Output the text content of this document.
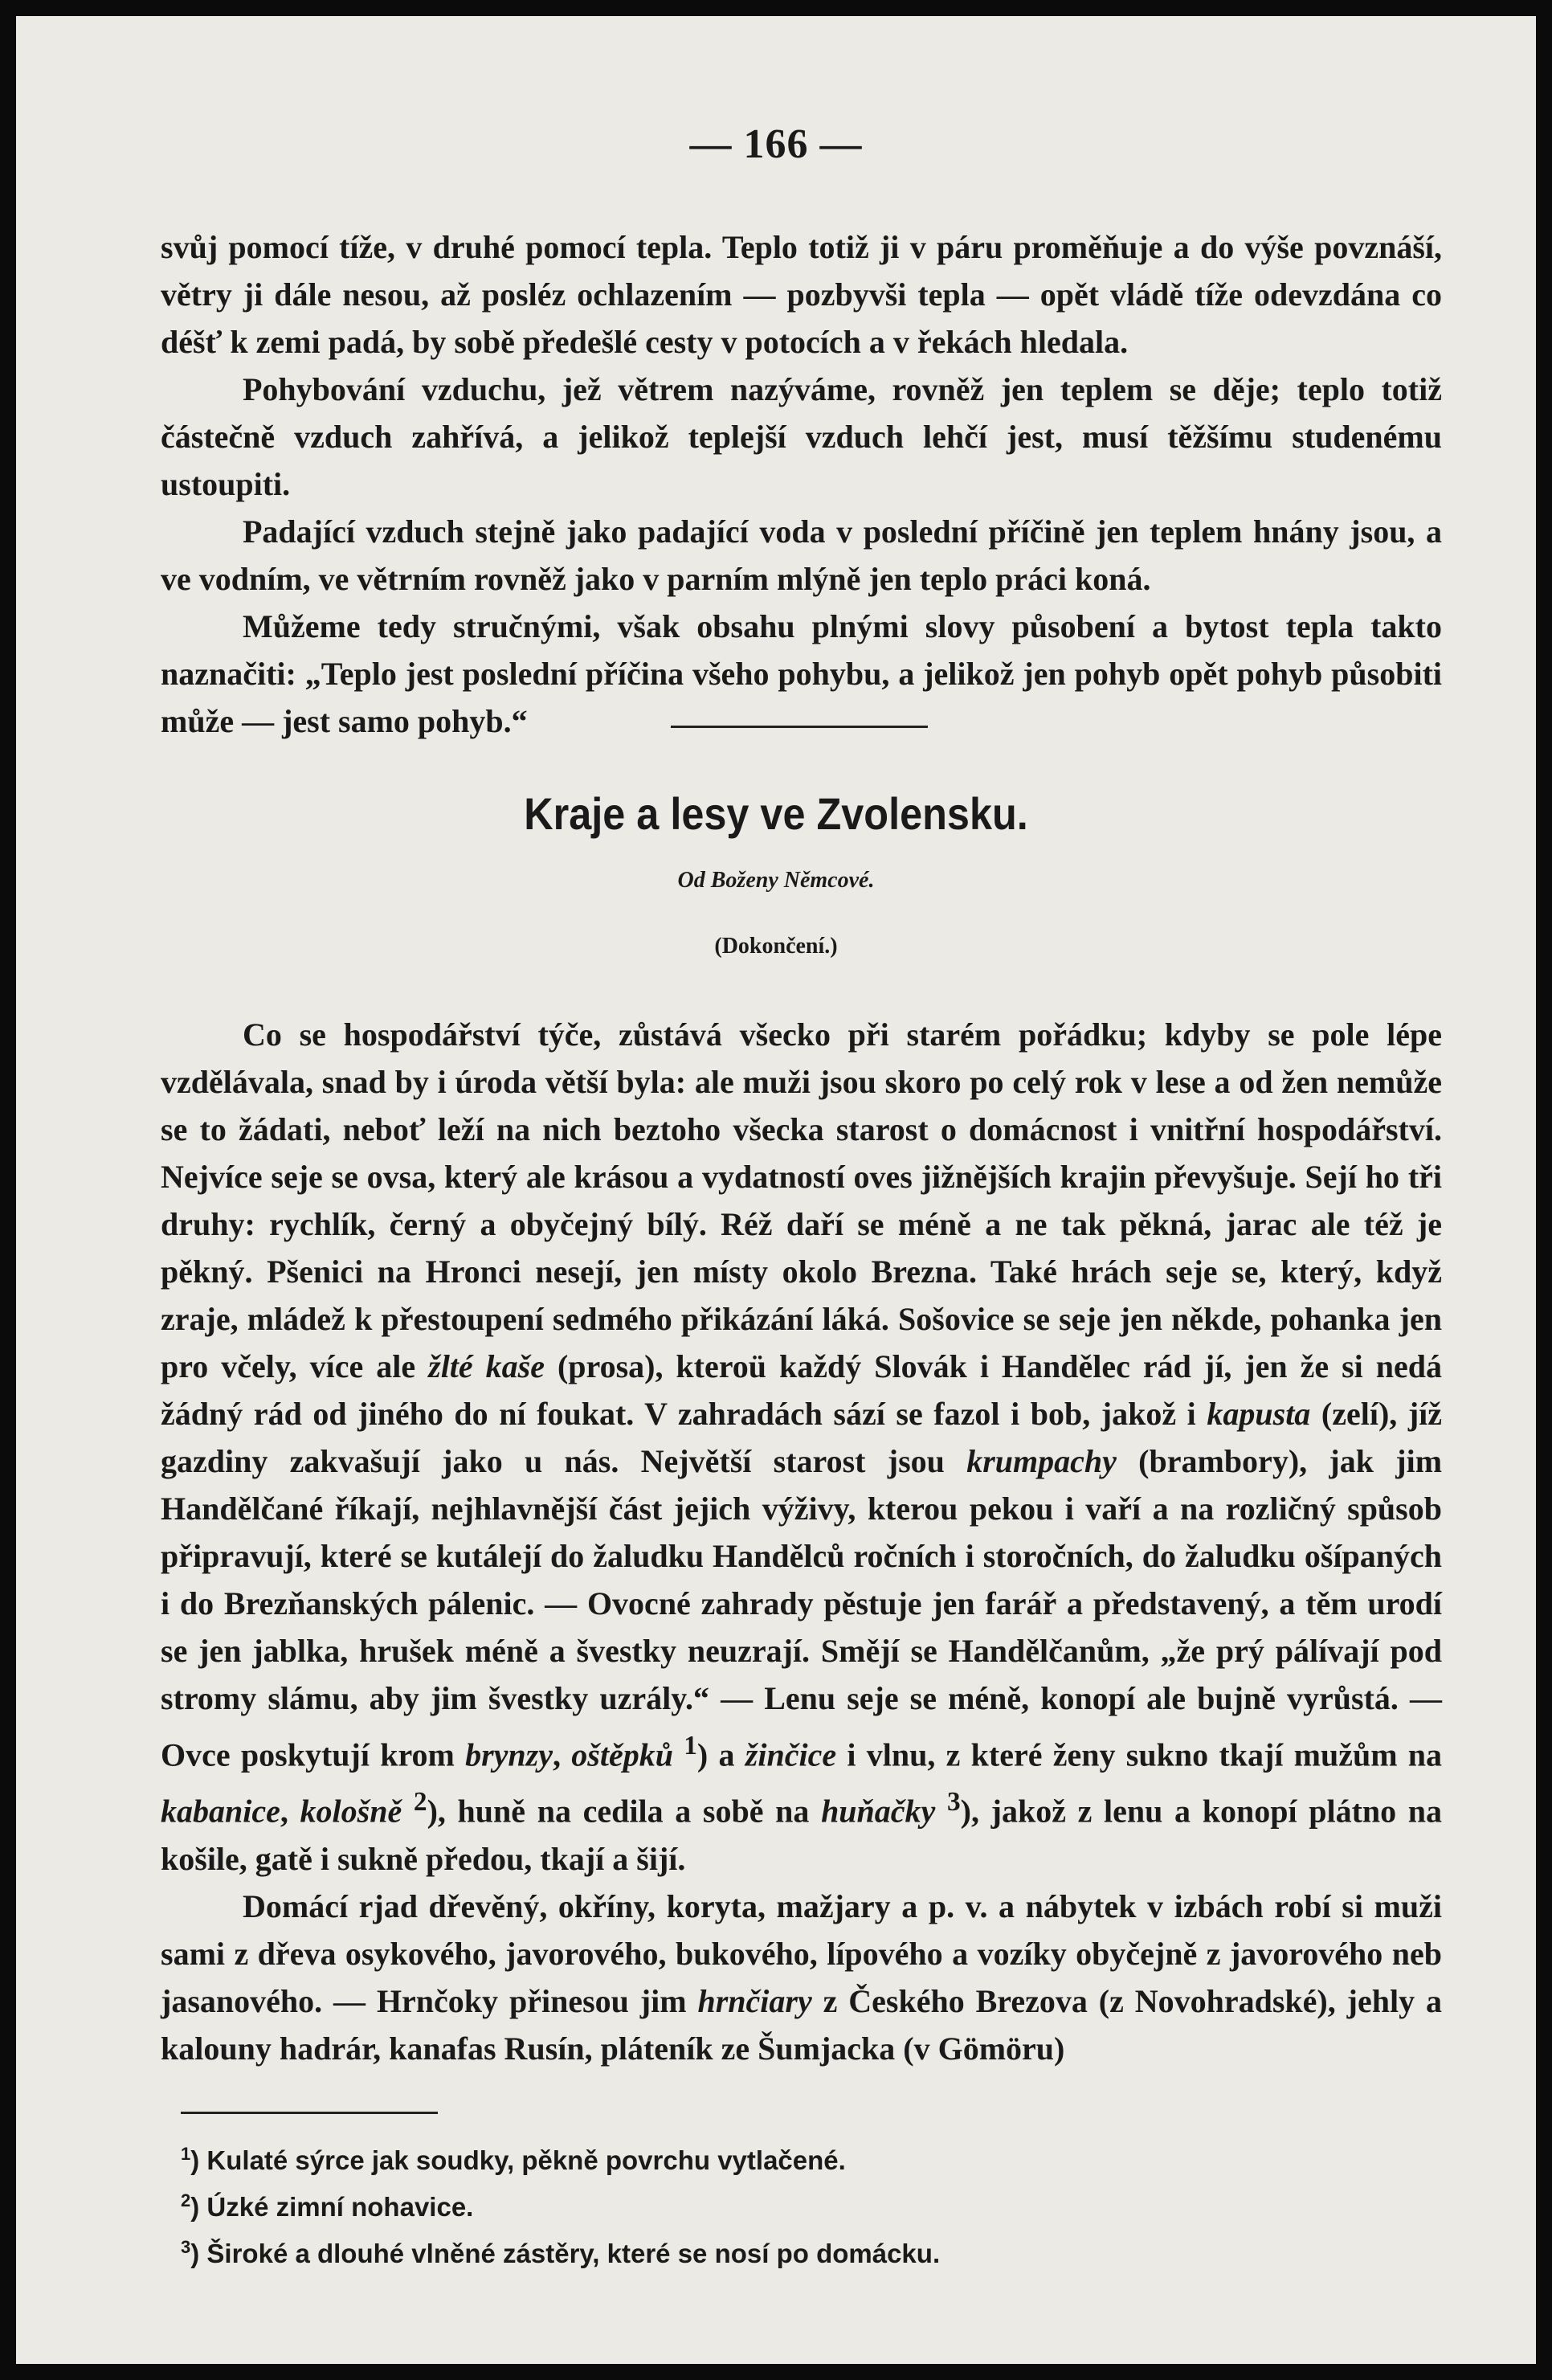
— 166 —

svůj pomocí tíže, v druhé pomocí tepla. Teplo totiž ji v páru proměňuje a do výše povznáší, větry ji dále nesou, až posléz ochlazením — pozbyvši tepla — opět vládě tíže odevzdána co déšť k zemi padá, by sobě předešlé cesty v potocích a v řekách hledala.

Pohybování vzduchu, jež větrem nazýváme, rovněž jen teplem se děje; teplo totiž částečně vzduch zahřívá, a jelikož teplejší vzduch lehčí jest, musí těžšímu studenému ustoupiti.

Padající vzduch stejně jako padající voda v poslední příčině jen teplem hnány jsou, a ve vodním, ve větrním rovněž jako v parním mlýně jen teplo práci koná.

Můžeme tedy stručnými, však obsahu plnými slovy působení a bytost tepla takto naznačiti: „Teplo jest poslední příčina všeho pohybu, a jelikož jen pohyb opět pohyb působiti může — jest samo pohyb.“

Kraje a lesy ve Zvolensku.
Od Boženy Němcové.
(Dokončení.)

Co se hospodářství týče, zůstává všecko při starém pořádku; kdyby se pole lépe vzdělávala, snad by i úroda větší byla: ale muži jsou skoro po celý rok v lese a od žen nemůže se to žádati, neboť leží na nich beztoho všecka starost o domácnost i vnitřní hospodářství. Nejvíce seje se ovsa, který ale krásou a vydatností oves jižnějších krajin převyšuje. Sejí ho tři druhy: rychlík, černý a obyčejný bílý. Réž daří se méně a ne tak pěkná, jarac ale též je pěkný. Pšenici na Hronci nesejí, jen místy okolo Brezna. Také hrách seje se, který, když zraje, mládež k přestoupení sedmého přikázání láká. Sošovice se seje jen někde, pohanka jen pro včely, více ale žlté kaše (prosa), kteroü každý Slovák i Handělec rád jí, jen že si nedá žádný rád od jiného do ní foukat. V zahradách sází se fazol i bob, jakož i kapusta (zelí), jíž gazdiny zakvašují jako u nás. Největší starost jsou krumpachy (brambory), jak jim Handělčané říkají, nejhlavnější část jejich výživy, kterou pekou i vaří a na rozličný spůsob připravují, které se kutálejí do žaludku Handělců ročních i storočních, do žaludku ošípaných i do Brezňanských pálenic. — Ovocné zahrady pěstuje jen farář a představený, a těm urodí se jen jablka, hrušek méně a švestky neuzrají. Smějí se Handělčanům, „že prý pálívají pod stromy slámu, aby jim švestky uzrály.“ — Lenu seje se méně, konopí ale bujně vyrůstá. — Ovce poskytují krom brynzy, oštěpků $^1$) a žinčice i vlnu, z které ženy sukno tkají mužům na kabanice, kološně $^2$), huně na cedila a sobě na huňačky $^3$), jakož z lenu a konopí plátno na košile, gatě i sukně předou, tkají a šijí.

Domácí rjad dřevěný, okříny, koryta, mažjary a p. v. a nábytek v izbách robí si muži sami z dřeva osykového, javorového, bukového, lípového a vozíky obyčejně z javorového neb jasanového. — Hrnčoky přinesou jim hrnčiary z Českého Brezova (z Novohradské), jehly a kalouny hadrár, kanafas Rusín, pláteník ze Šumjacka (v Gömöru)

$^1$) Kulaté sýrce jak soudky, pěkně povrchu vytlačené.
$^2$) Úzké zimní nohavice.
$^3$) Široké a dlouhé vlněné zástěry, které se nosí po domácku.
